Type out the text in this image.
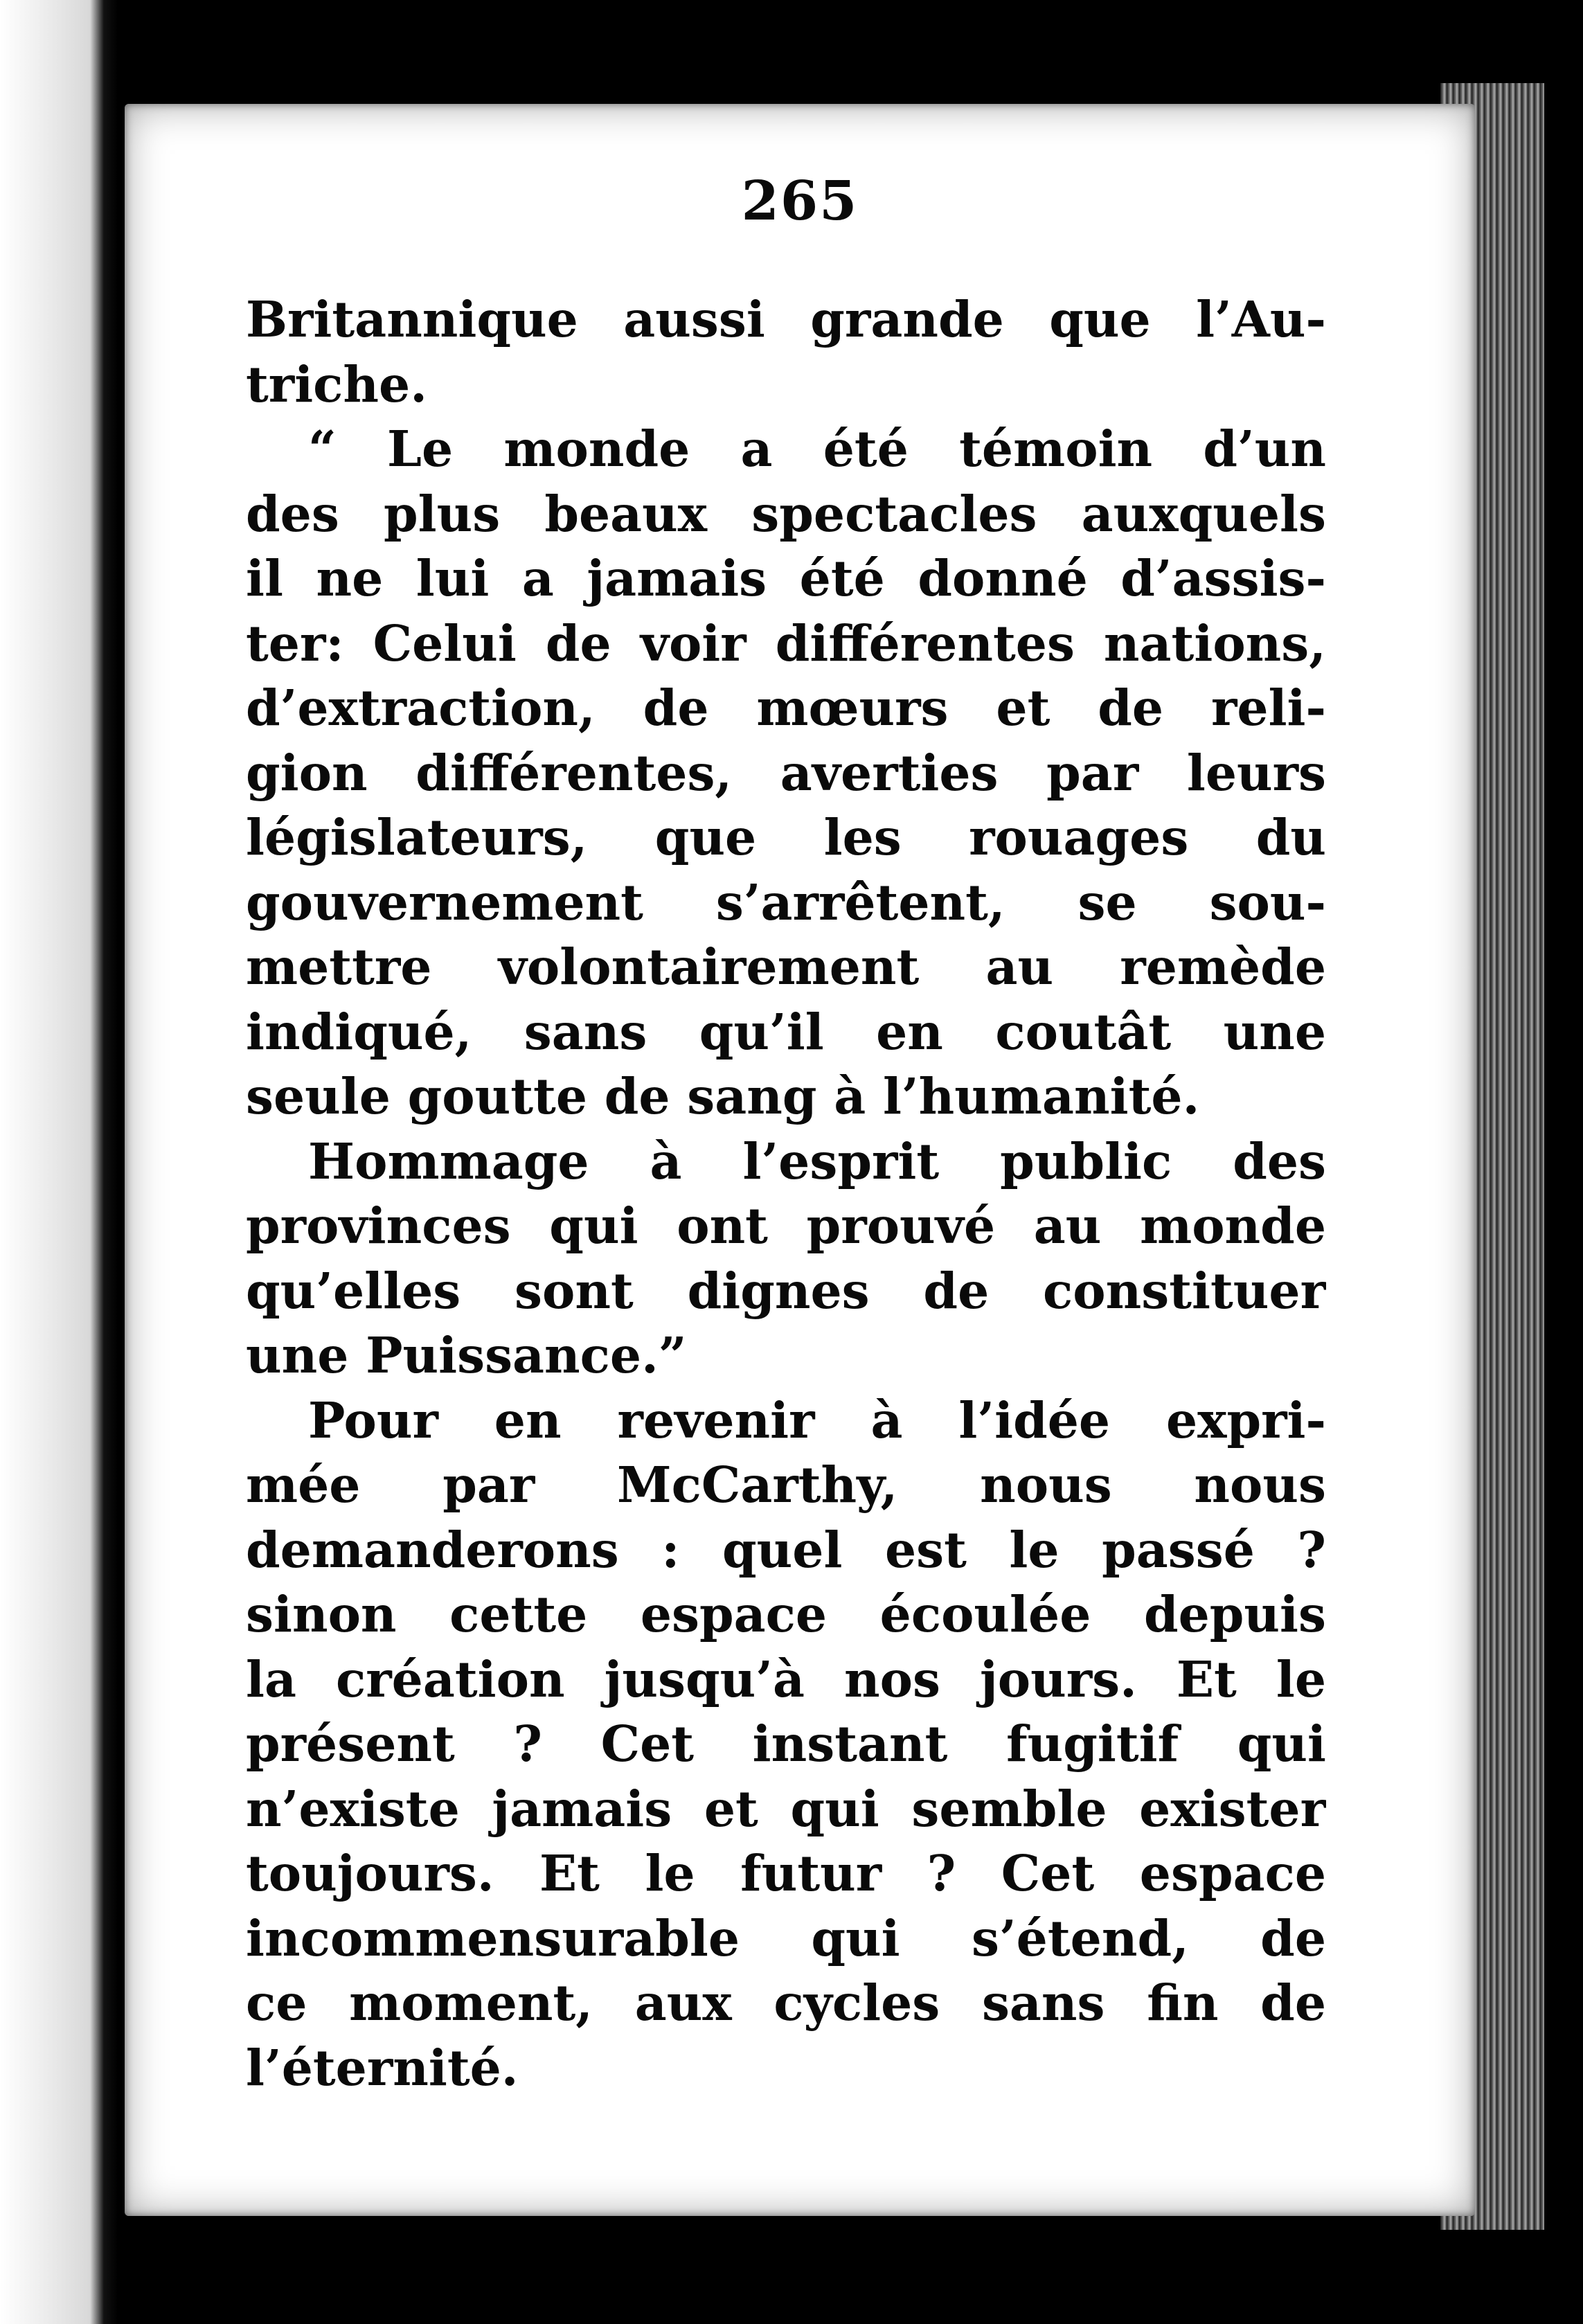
265
Britannique aussi grande que l’Au-
triche.
“ Le monde a été témoin d’un
des plus beaux spectacles auxquels
il ne lui a jamais été donné d’assis-
ter: Celui de voir différentes nations,
d’extraction, de mœurs et de reli-
gion différentes, averties par leurs
législateurs, que les rouages du
gouvernement s’arrêtent, se sou-
mettre volontairement au remède
indiqué, sans qu’il en coutât une
seule goutte de sang à l’humanité.
Hommage à l’esprit public des
provinces qui ont prouvé au monde
qu’elles sont dignes de constituer
une Puissance.”
Pour en revenir à l’idée expri-
mée par McCarthy, nous nous
demanderons : quel est le passé ?
sinon cette espace écoulée depuis
la création jusqu’à nos jours. Et le
présent ? Cet instant fugitif qui
n’existe jamais et qui semble exister
toujours. Et le futur ? Cet espace
incommensurable qui s’étend, de
ce moment, aux cycles sans fin de
l’éternité.
